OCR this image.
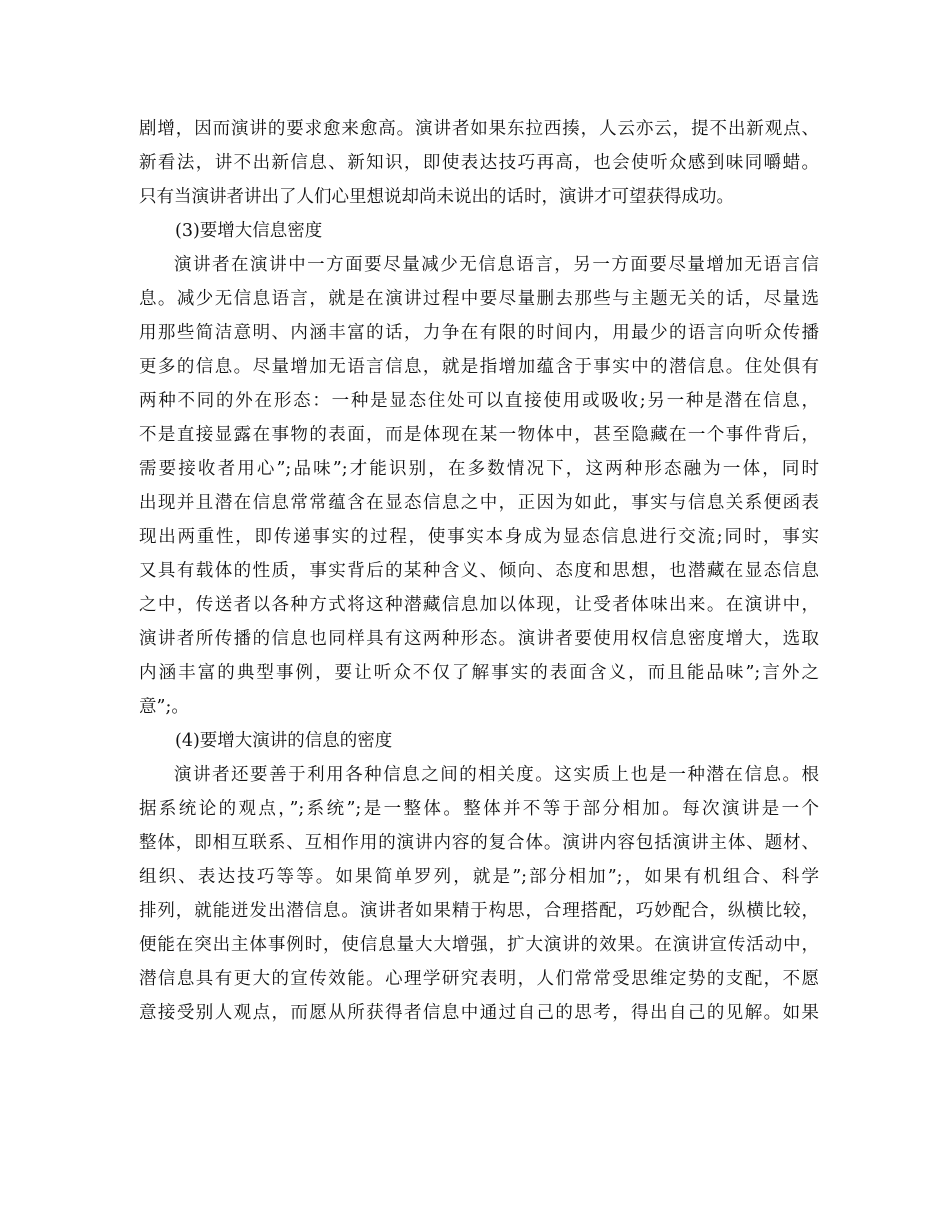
剧增，因而演讲的要求愈来愈高。演讲者如果东拉西揍，人云亦云，提不出新观点、
新看法，讲不出新信息、新知识，即使表达技巧再高，也会使听众感到味同嚼蜡。
只有当演讲者讲出了人们心里想说却尚未说出的话时，演讲才可望获得成功。
(3)要增大信息密度
演讲者在演讲中一方面要尽量减少无信息语言，另一方面要尽量增加无语言信
息。减少无信息语言，就是在演讲过程中要尽量删去那些与主题无关的话，尽量选
用那些简洁意明、内涵丰富的话，力争在有限的时间内，用最少的语言向听众传播
更多的信息。尽量增加无语言信息，就是指增加蕴含于事实中的潜信息。住处俱有
两种不同的外在形态：一种是显态住处可以直接使用或吸收;另一种是潜在信息，
不是直接显露在事物的表面，而是体现在某一物体中，甚至隐藏在一个事件背后，
需要接收者用心”;品味”;才能识别，在多数情况下，这两种形态融为一体，同时
出现并且潜在信息常常蕴含在显态信息之中，正因为如此，事实与信息关系便函表
现出两重性，即传递事实的过程，使事实本身成为显态信息进行交流;同时，事实
又具有载体的性质，事实背后的某种含义、倾向、态度和思想，也潜藏在显态信息
之中，传送者以各种方式将这种潜藏信息加以体现，让受者体味出来。在演讲中，
演讲者所传播的信息也同样具有这两种形态。演讲者要使用权信息密度增大，选取
内涵丰富的典型事例，要让听众不仅了解事实的表面含义，而且能品味”;言外之
意”;。
(4)要增大演讲的信息的密度
演讲者还要善于利用各种信息之间的相关度。这实质上也是一种潜在信息。根
据系统论的观点，”;系统”;是一整体。整体并不等于部分相加。每次演讲是一个
整体，即相互联系、互相作用的演讲内容的复合体。演讲内容包括演讲主体、题材、
组织、表达技巧等等。如果简单罗列，就是”;部分相加”;，如果有机组合、科学
排列，就能迸发出潜信息。演讲者如果精于构思，合理搭配，巧妙配合，纵横比较，
便能在突出主体事例时，使信息量大大增强，扩大演讲的效果。在演讲宣传活动中，
潜信息具有更大的宣传效能。心理学研究表明，人们常常受思维定势的支配，不愿
意接受别人观点，而愿从所获得者信息中通过自己的思考，得出自己的见解。如果
